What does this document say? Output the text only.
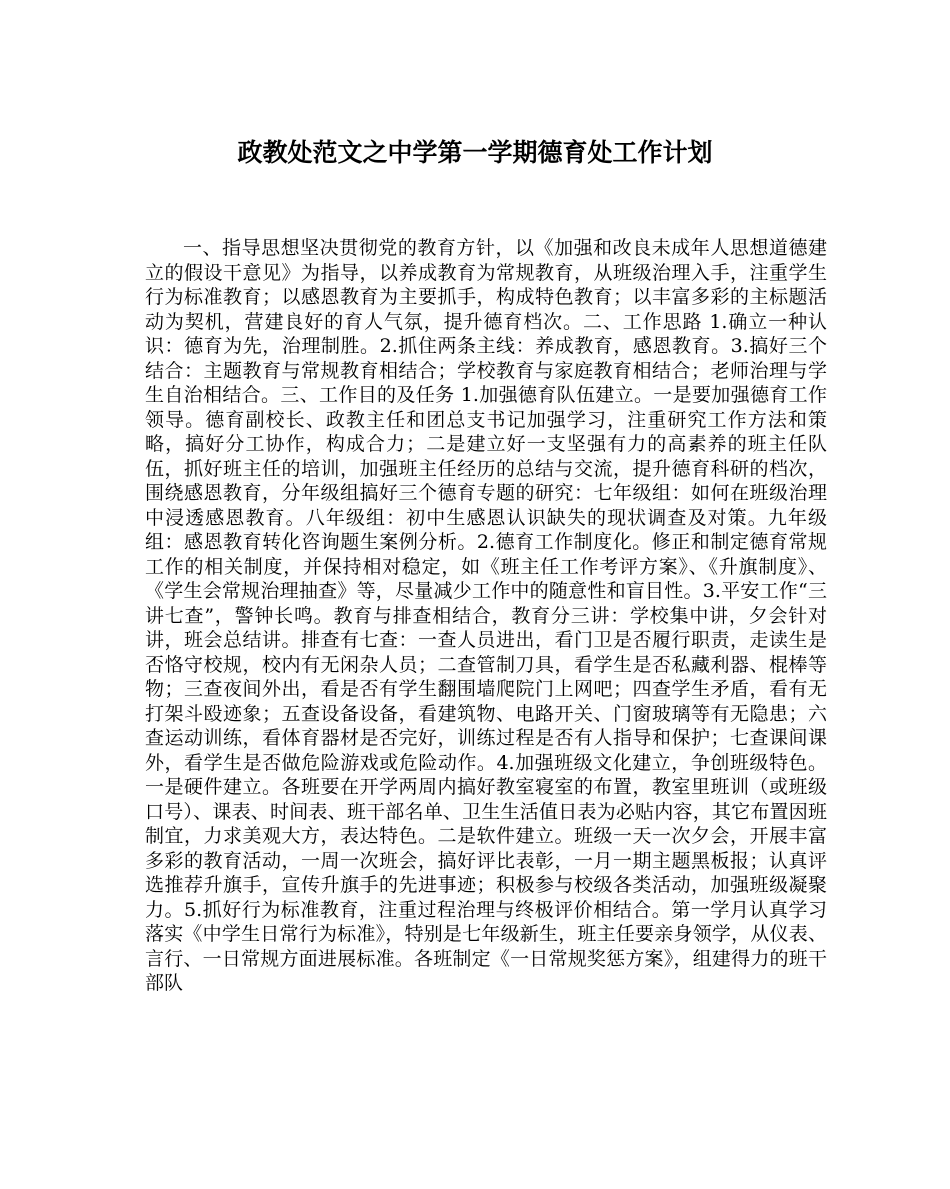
政教处范文之中学第一学期德育处工作计划

一、指导思想坚决贯彻党的教育方针，以《加强和改良未成年人思想道德建立的假设干意见》为指导，以养成教育为常规教育，从班级治理入手，注重学生行为标准教育；以感恩教育为主要抓手，构成特色教育；以丰富多彩的主标题活动为契机，营建良好的育人气氛，提升德育档次。二、工作思路 1.确立一种认识：德育为先，治理制胜。2.抓住两条主线：养成教育，感恩教育。3.搞好三个结合：主题教育与常规教育相结合；学校教育与家庭教育相结合；老师治理与学生自治相结合。三、工作目的及任务 1.加强德育队伍建立。一是要加强德育工作领导。德育副校长、政教主任和团总支书记加强学习，注重研究工作方法和策略，搞好分工协作，构成合力；二是建立好一支坚强有力的高素养的班主任队伍，抓好班主任的培训，加强班主任经历的总结与交流，提升德育科研的档次，围绕感恩教育，分年级组搞好三个德育专题的研究：七年级组：如何在班级治理中浸透感恩教育。八年级组：初中生感恩认识缺失的现状调查及对策。九年级组：感恩教育转化咨询题生案例分析。2.德育工作制度化。修正和制定德育常规工作的相关制度，并保持相对稳定，如《班主任工作考评方案》、《升旗制度》、《学生会常规治理抽查》等，尽量减少工作中的随意性和盲目性。3.平安工作“三讲七查”，警钟长鸣。教育与排查相结合，教育分三讲：学校集中讲，夕会针对讲，班会总结讲。排查有七查：一查人员进出，看门卫是否履行职责，走读生是否恪守校规，校内有无闲杂人员；二查管制刀具，看学生是否私藏利器、棍棒等物；三查夜间外出，看是否有学生翻围墙爬院门上网吧；四查学生矛盾，看有无打架斗殴迹象；五查设备设备，看建筑物、电路开关、门窗玻璃等有无隐患；六查运动训练，看体育器材是否完好，训练过程是否有人指导和保护；七查课间课外，看学生是否做危险游戏或危险动作。4.加强班级文化建立，争创班级特色。一是硬件建立。各班要在开学两周内搞好教室寝室的布置，教室里班训（或班级口号）、课表、时间表、班干部名单、卫生生活值日表为必贴内容，其它布置因班制宜，力求美观大方，表达特色。二是软件建立。班级一天一次夕会，开展丰富多彩的教育活动，一周一次班会，搞好评比表彰，一月一期主题黑板报；认真评选推荐升旗手，宣传升旗手的先进事迹；积极参与校级各类活动，加强班级凝聚力。5.抓好行为标准教育，注重过程治理与终极评价相结合。第一学月认真学习落实《中学生日常行为标准》，特别是七年级新生，班主任要亲身领学，从仪表、言行、一日常规方面进展标准。各班制定《一日常规奖惩方案》，组建得力的班干部队
